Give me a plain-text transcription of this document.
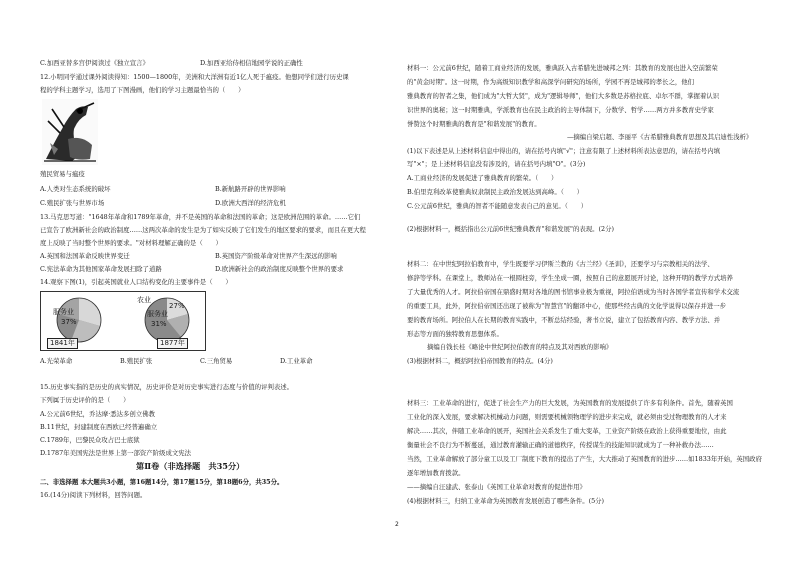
C.加西亚替多宫伊阅读过《独立宣言》	D.加西亚给侍相信地园学说的正确性
12.小明同学通过课外阅读得知：1500—1800年，美洲和大洋洲有近1亿人死于瘟疫。他想同学们进行历史课
程的学科主题学习，选用了下图漫画，他们的学习主题最恰当的（　　）
殖民贸易与瘟疫
A.人类对生态系统的破坏	B.新航路开辟的世界影响
C.殖民扩张与世界市场	D.欧洲大西洋的经济危机
13.马克思写道："1648年革命和1789年革命，并不是英国的革命和法国的革命；这是欧洲范围的革命。……它们
已宣告了欧洲新社会的政治制度……这两次革命的发生是为了如实反映了它们发生的地区要求的要求，而且在更大程
度上反映了当时整个世界的要求。"对材料理解正确的是（　　）
A.英国和法国革命反映世界变迁	B.英国资产阶级革命对世界产生深远的影响
C.宪法革命为其他国家革命发展扫除了道路	D.欧洲新社会的政治制度反映整个世界的要求
14.观察下图(1)，引起英国就业人口结构变化的主要事件是（　　）
服务业
37%
1841年
农业
27%
服务业
31%
1877年
A.光荣革命	B.殖民扩张	C.三角贸易	D.工业革命
15.历史事实指的是历史的真实情况，历史评价是对历史事实进行态度与价值的评判表述。
下列属于历史评价的是（　　）
A.公元前6世纪，乔达摩·悉达多创立佛教
B.11世纪，封建制度在西欧已经普遍确立
C.1789年，巴黎民众攻占巴士底狱
D.1787年美国宪法是世界上第一部资产阶级成文宪法
第Ⅱ卷（非选择题　共35分）
二、非选择题 本大题共3小题，第16题14分，第17题15分，第18题6分，共35分。
16.(14分)阅读下列材料，回答问题。
材料一：公元前6世纪，随着工商业经济的发展，雅典跃入古希腊先进城邦之列：其教育的发展也进入空前繁荣
的"黄金时期"。这一时期，作为高级知识教学和高深学问研究的场所，学园不再是城邦的孝长之，他们
雅典教育的智者之集，他们成为"大哲大贤"，成为"逻辑导师"，他们大多数是苏格拉底、卓尔不群，掌握着认识
识世界的奥秘；这一时期雅典，学派教育也在民主政治的主导体制下，分数学、哲学……两方并多教育史学家
誉赞这个时期雅典的教育是"和谐发展"的教育。
—摘编自梁启超、李丽平《古希腊雅典教育思想及其启迪性浅析》
(1)以下表述是从上述材料信息中得出的，请在括号内填"√"；注意有限了上述材料所表达意思的，请在括号内填
写"×"；是上述材料信息没有涉及的，请在括号内填"O"。(3分)
A.工商业经济的发展促进了雅典教育的繁荣。（　　）
B.伯里克利改革使雅典奴隶制民主政治发展达到高峰。（　　）
C.公元前6世纪，雅典的智者不能随意发表自己的意见。（　　）
(2)根据材料一，概括指出公元前6世纪雅典教育"和谐发展"的表现。(2分)
材料二：在中世纪阿拉伯教育中，学生既要学习伊斯兰教的《古兰经》《圣训》，还要学习与宗教相关的法学、
修辞等学科。在课堂上，教师站在一根圆柱旁，学生坐成一圈，按照自己的意愿展开讨论，这种开明的教学方式培养
了大量优秀的人才。阿拉伯帝国在鼎盛时期对各地的图书馆事业极为重视，阿拉伯语成为当时各国学者宣传和学术交流
的重要工具，此外，阿拉伯帝国还出现了被称为"智慧宫"的翻译中心，使那些经古典的文化学说得以保存并进一步
要的教育场所。阿拉伯人在长期的教育实践中，不断总结经验，著书立说，建立了包括教育内容、教学方法、并
形态等方面的独特教育思想体系。
摘编自钱长桂《略论中世纪阿拉伯教育的特点及其对西欧的影响》
(3)根据材料二，概括阿拉伯帝国教育的特点。(4分)
材料三：工业革命的进行，促进了社会生产力的巨大发展，为英国教育的发展提供了许多有利条件。首先，随着英国
工业化的深入发展，要求解决机械动力问题，则需要机械领物理学的进步来完成，就必须由受过物理教育的人才来
解决……其次，伴随工业革命的展开，英国社会关系发生了重大变革，工业资产阶级在政治上获得重要地位，由此
衡量社会不良行为不断蔓延，通过教育灌输正确的道德秩序，传授谋生的技能知识就成为了一种补救办法……
当然，工业革命解放了部分童工以及工厂制度下教育的提出了产生，大大推动了英国教育的进步……如1833年开始，英国政府
逐年增加教育拨款。
——摘编自汪建武、张泰山《英国工业革命对教育的促进作用》
(4)根据材料三，归纳工业革命为英国教育发展创造了哪些条件。(5分)
2
